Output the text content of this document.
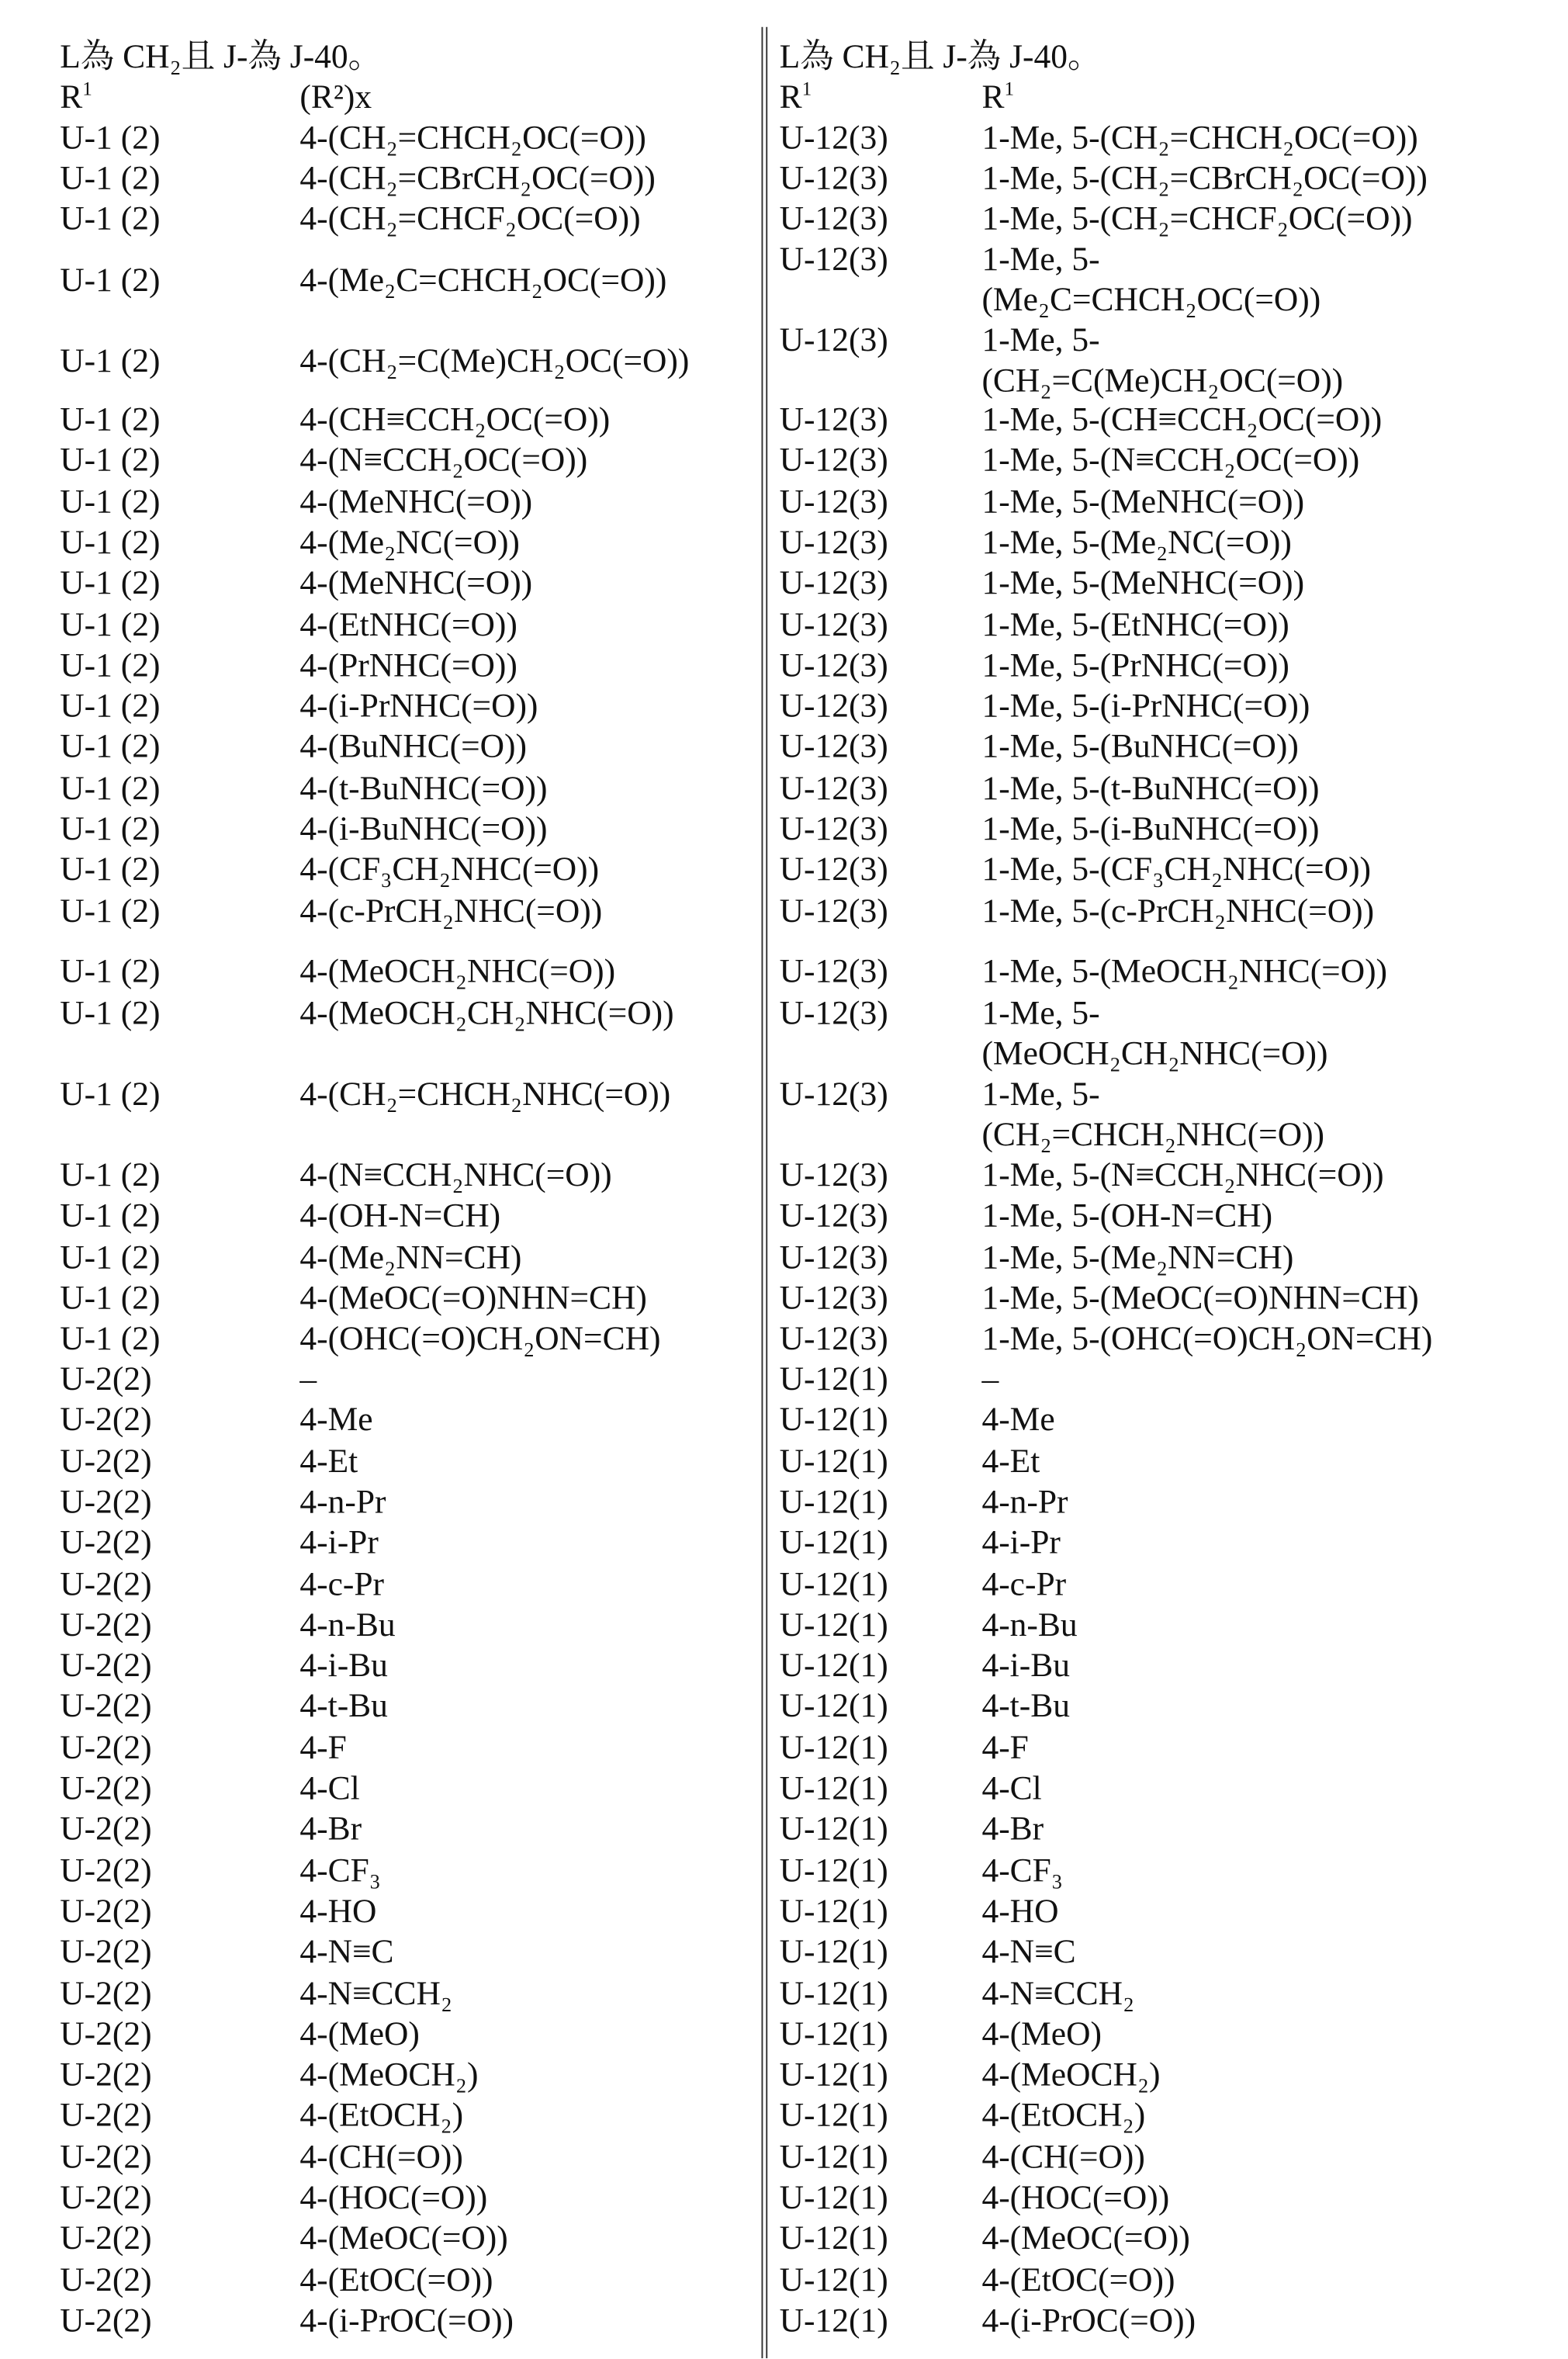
L為 CH₂且 J-為 J-40。
R1	(R²)x
L為 CH₂且 J-為 J-40。
R1	R1
U-1 (2)	4-(CH₂=CHCH₂OC(=O))	U-12(3)	1-Me, 5-(CH₂=CHCH₂OC(=O))
U-1 (2)	4-(CH₂=CBrCH₂OC(=O))	U-12(3)	1-Me, 5-(CH₂=CBrCH₂OC(=O))
U-1 (2)	4-(CH₂=CHCF₂OC(=O))	U-12(3)	1-Me, 5-(CH₂=CHCF₂OC(=O))
U-1 (2)	4-(Me₂C=CHCH₂OC(=O))
U-12(3)	1-Me, 5-
(Me₂C=CHCH₂OC(=O))
U-1 (2)	4-(CH₂=C(Me)CH₂OC(=O))
U-12(3)	1-Me, 5-
(CH₂=C(Me)CH₂OC(=O))
U-1 (2)	4-(CH≡CCH₂OC(=O))	U-12(3)	1-Me, 5-(CH≡CCH₂OC(=O))
U-1 (2)	4-(N≡CCH₂OC(=O))	U-12(3)	1-Me, 5-(N≡CCH₂OC(=O))
U-1 (2)	4-(MeNHC(=O))	U-12(3)	1-Me, 5-(MeNHC(=O))
U-1 (2)	4-(Me₂NC(=O))	U-12(3)	1-Me, 5-(Me₂NC(=O))
U-1 (2)	4-(MeNHC(=O))	U-12(3)	1-Me, 5-(MeNHC(=O))
U-1 (2)	4-(EtNHC(=O))	U-12(3)	1-Me, 5-(EtNHC(=O))
U-1 (2)	4-(PrNHC(=O))	U-12(3)	1-Me, 5-(PrNHC(=O))
U-1 (2)	4-(i-PrNHC(=O))	U-12(3)	1-Me, 5-(i-PrNHC(=O))
U-1 (2)	4-(BuNHC(=O))	U-12(3)	1-Me, 5-(BuNHC(=O))
U-1 (2)	4-(t-BuNHC(=O))	U-12(3)	1-Me, 5-(t-BuNHC(=O))
U-1 (2)	4-(i-BuNHC(=O))	U-12(3)	1-Me, 5-(i-BuNHC(=O))
U-1 (2)	4-(CF₃CH₂NHC(=O))	U-12(3)	1-Me, 5-(CF₃CH₂NHC(=O))
U-1 (2)	4-(c-PrCH₂NHC(=O))	U-12(3)	1-Me, 5-(c-PrCH₂NHC(=O))
U-1 (2)	4-(MeOCH₂NHC(=O))	U-12(3)	1-Me, 5-(MeOCH₂NHC(=O))
U-1 (2)	4-(MeOCH₂CH₂NHC(=O))	U-12(3)	1-Me, 5-
(MeOCH₂CH₂NHC(=O))
U-1 (2)	4-(CH₂=CHCH₂NHC(=O))	U-12(3)	1-Me, 5-
(CH₂=CHCH₂NHC(=O))
U-1 (2)	4-(N≡CCH₂NHC(=O))	U-12(3)	1-Me, 5-(N≡CCH₂NHC(=O))
U-1 (2)	4-(OH-N=CH)	U-12(3)	1-Me, 5-(OH-N=CH)
U-1 (2)	4-(Me₂NN=CH)	U-12(3)	1-Me, 5-(Me₂NN=CH)
U-1 (2)	4-(MeOC(=O)NHN=CH)	U-12(3)	1-Me, 5-(MeOC(=O)NHN=CH)
U-1 (2)	4-(OHC(=O)CH₂ON=CH)	U-12(3)	1-Me, 5-(OHC(=O)CH₂ON=CH)
U-2(2)	–	U-12(1)	–
U-2(2)	4-Me	U-12(1)	4-Me
U-2(2)	4-Et	U-12(1)	4-Et
U-2(2)	4-n-Pr	U-12(1)	4-n-Pr
U-2(2)	4-i-Pr	U-12(1)	4-i-Pr
U-2(2)	4-c-Pr	U-12(1)	4-c-Pr
U-2(2)	4-n-Bu	U-12(1)	4-n-Bu
U-2(2)	4-i-Bu	U-12(1)	4-i-Bu
U-2(2)	4-t-Bu	U-12(1)	4-t-Bu
U-2(2)	4-F	U-12(1)	4-F
U-2(2)	4-Cl	U-12(1)	4-Cl
U-2(2)	4-Br	U-12(1)	4-Br
U-2(2)	4-CF₃	U-12(1)	4-CF₃
U-2(2)	4-HO	U-12(1)	4-HO
U-2(2)	4-N≡C	U-12(1)	4-N≡C
U-2(2)	4-N≡CCH₂	U-12(1)	4-N≡CCH₂
U-2(2)	4-(MeO)	U-12(1)	4-(MeO)
U-2(2)	4-(MeOCH₂)	U-12(1)	4-(MeOCH₂)
U-2(2)	4-(EtOCH₂)	U-12(1)	4-(EtOCH₂)
U-2(2)	4-(CH(=O))	U-12(1)	4-(CH(=O))
U-2(2)	4-(HOC(=O))	U-12(1)	4-(HOC(=O))
U-2(2)	4-(MeOC(=O))	U-12(1)	4-(MeOC(=O))
U-2(2)	4-(EtOC(=O))	U-12(1)	4-(EtOC(=O))
U-2(2)	4-(i-PrOC(=O))	U-12(1)	4-(i-PrOC(=O))
